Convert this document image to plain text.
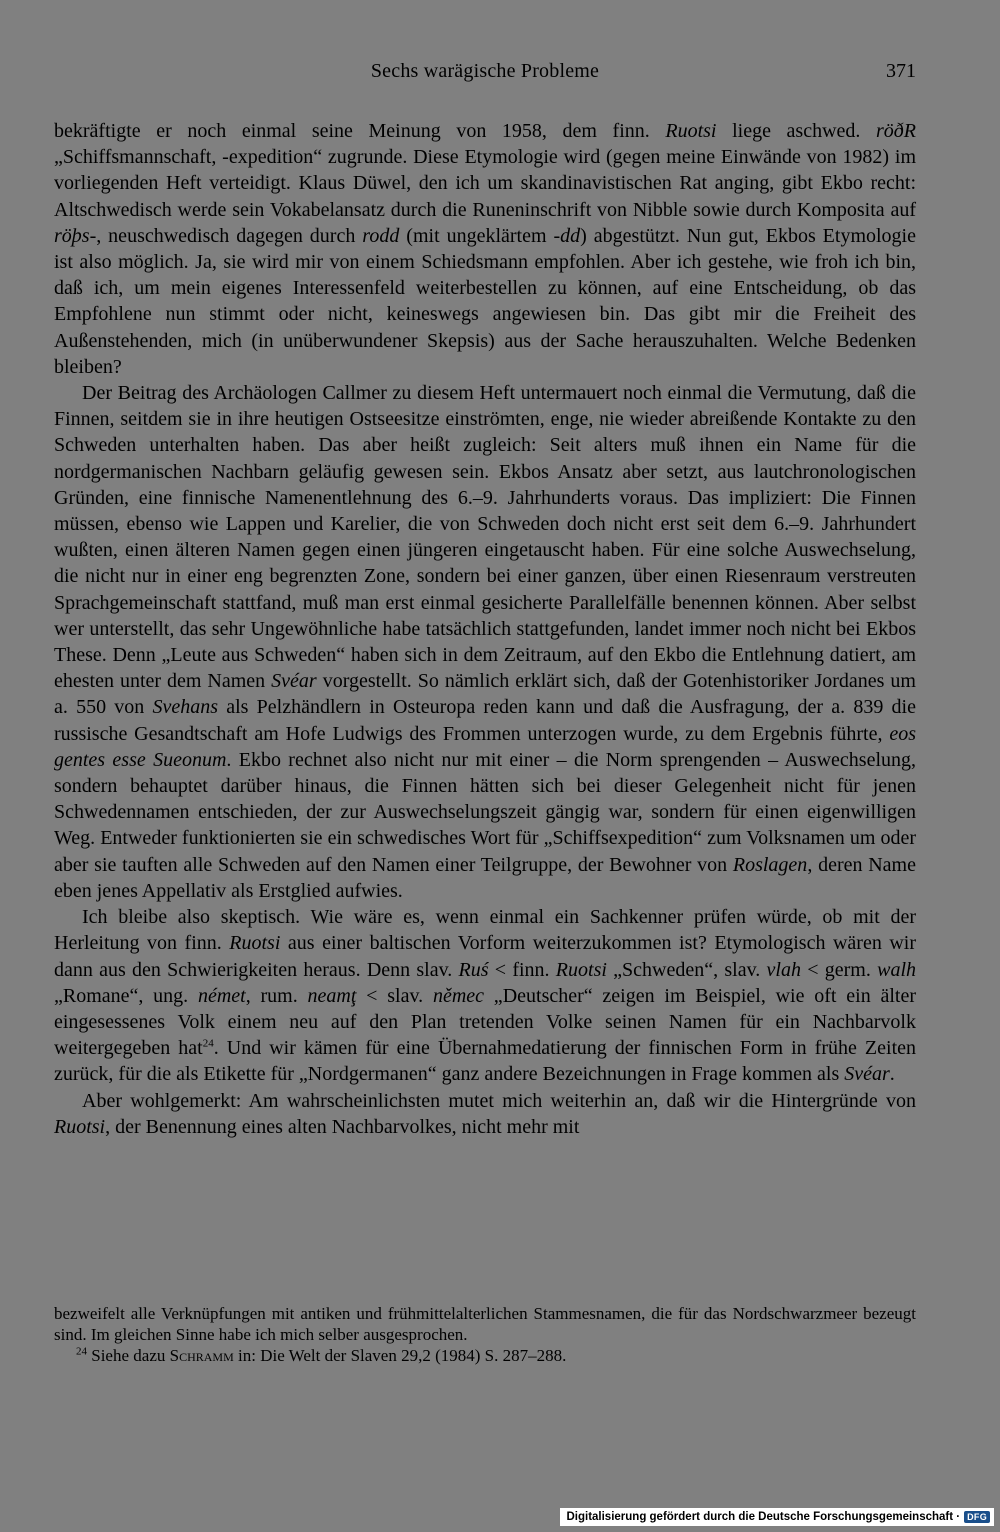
Sechs warägische Probleme	371

bekräftigte er noch einmal seine Meinung von 1958, dem finn. Ruotsi liege aschwed. röðR „Schiffsmannschaft, -expedition“ zugrunde. Diese Etymologie wird (gegen meine Einwände von 1982) im vorliegenden Heft verteidigt. Klaus Düwel, den ich um skandinavistischen Rat anging, gibt Ekbo recht: Altschwedisch werde sein Vokabelansatz durch die Runeninschrift von Nibble sowie durch Komposita auf röþs-, neuschwedisch dagegen durch rodd (mit ungeklärtem -dd) abgestützt. Nun gut, Ekbos Etymologie ist also möglich. Ja, sie wird mir von einem Schiedsmann empfohlen. Aber ich gestehe, wie froh ich bin, daß ich, um mein eigenes Interessenfeld weiterbestellen zu können, auf eine Entscheidung, ob das Empfohlene nun stimmt oder nicht, keineswegs angewiesen bin. Das gibt mir die Freiheit des Außenstehenden, mich (in unüberwundener Skepsis) aus der Sache herauszuhalten. Welche Bedenken bleiben?

Der Beitrag des Archäologen Callmer zu diesem Heft untermauert noch einmal die Vermutung, daß die Finnen, seitdem sie in ihre heutigen Ostseesitze einströmten, enge, nie wieder abreißende Kontakte zu den Schweden unterhalten haben. Das aber heißt zugleich: Seit alters muß ihnen ein Name für die nordgermanischen Nachbarn geläufig gewesen sein. Ekbos Ansatz aber setzt, aus lautchronologischen Gründen, eine finnische Namenentlehnung des 6.–9. Jahrhunderts voraus. Das impliziert: Die Finnen müssen, ebenso wie Lappen und Karelier, die von Schweden doch nicht erst seit dem 6.–9. Jahrhundert wußten, einen älteren Namen gegen einen jüngeren eingetauscht haben. Für eine solche Auswechselung, die nicht nur in einer eng begrenzten Zone, sondern bei einer ganzen, über einen Riesenraum verstreuten Sprachgemeinschaft stattfand, muß man erst einmal gesicherte Parallelfälle benennen können. Aber selbst wer unterstellt, das sehr Ungewöhnliche habe tatsächlich stattgefunden, landet immer noch nicht bei Ekbos These. Denn „Leute aus Schweden“ haben sich in dem Zeitraum, auf den Ekbo die Entlehnung datiert, am ehesten unter dem Namen Svéar vorgestellt. So nämlich erklärt sich, daß der Gotenhistoriker Jordanes um a. 550 von Svehans als Pelzhändlern in Osteuropa reden kann und daß die Ausfragung, der a. 839 die russische Gesandtschaft am Hofe Ludwigs des Frommen unterzogen wurde, zu dem Ergebnis führte, eos gentes esse Sueonum. Ekbo rechnet also nicht nur mit einer – die Norm sprengenden – Auswechselung, sondern behauptet darüber hinaus, die Finnen hätten sich bei dieser Gelegenheit nicht für jenen Schwedennamen entschieden, der zur Auswechselungszeit gängig war, sondern für einen eigenwilligen Weg. Entweder funktionierten sie ein schwedisches Wort für „Schiffsexpedition“ zum Volksnamen um oder aber sie tauften alle Schweden auf den Namen einer Teilgruppe, der Bewohner von Roslagen, deren Name eben jenes Appellativ als Erstglied aufwies.

Ich bleibe also skeptisch. Wie wäre es, wenn einmal ein Sachkenner prüfen würde, ob mit der Herleitung von finn. Ruotsi aus einer baltischen Vorform weiterzukommen ist? Etymologisch wären wir dann aus den Schwierigkeiten heraus. Denn slav. Ruś < finn. Ruotsi „Schweden“, slav. vlah < germ. walh „Romane“, ung. német, rum. neamţ < slav. němec „Deutscher“ zeigen im Beispiel, wie oft ein älter eingesessenes Volk einem neu auf den Plan tretenden Volke seinen Namen für ein Nachbarvolk weitergegeben hat$^{24}$. Und wir kämen für eine Übernahmedatierung der finnischen Form in frühe Zeiten zurück, für die als Etikette für „Nordgermanen“ ganz andere Bezeichnungen in Frage kommen als Svéar.

Aber wohlgemerkt: Am wahrscheinlichsten mutet mich weiterhin an, daß wir die Hintergründe von Ruotsi, der Benennung eines alten Nachbarvolkes, nicht mehr mit

bezweifelt alle Verknüpfungen mit antiken und frühmittelalterlichen Stammesnamen, die für das Nordschwarzmeer bezeugt sind. Im gleichen Sinne habe ich mich selber ausgesprochen.

$^{24}$ Siehe dazu Schramm in: Die Welt der Slaven 29,2 (1984) S. 287–288.

Digitalisierung gefördert durch die Deutsche Forschungsgemeinschaft · DFG
